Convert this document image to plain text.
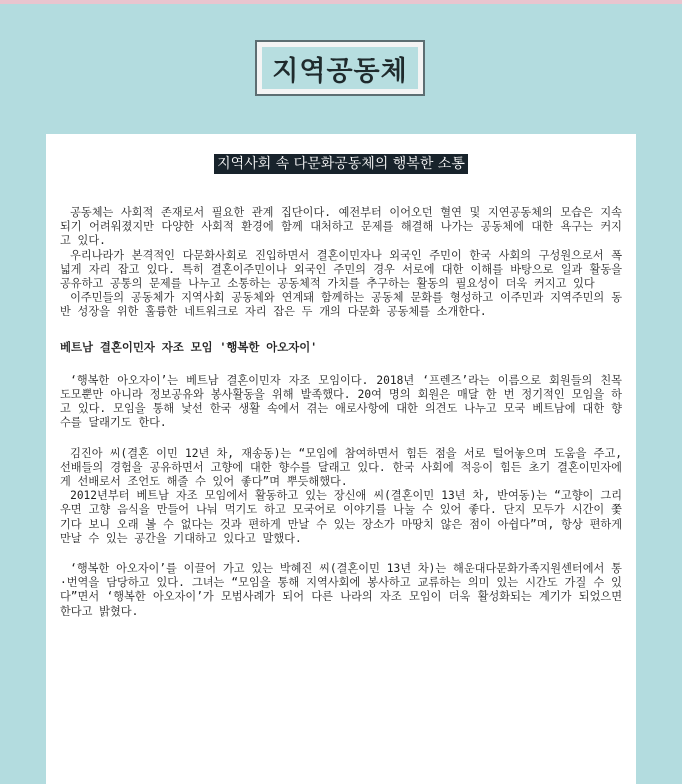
지역공동체
지역사회 속 다문화공동체의 행복한 소통

공동체는 사회적 존재로서 필요한 관계 집단이다. 예전부터 이어오던 혈연 및 지연공동체의 모습은 지속되기 어려워졌지만 다양한 사회적 환경에 함께 대처하고 문제를 해결해 나가는 공동체에 대한 욕구는 커지고 있다.

우리나라가 본격적인 다문화사회로 진입하면서 결혼이민자나 외국인 주민이 한국 사회의 구성원으로서 폭넓게 자리 잡고 있다. 특히 결혼이주민이나 외국인 주민의 경우 서로에 대한 이해를 바탕으로 일과 활동을 공유하고 공통의 문제를 나누고 소통하는 공동체적 가치를 추구하는 활동의 필요성이 더욱 커지고 있다

이주민들의 공동체가 지역사회 공동체와 연계돼 함께하는 공동체 문화를 형성하고 이주민과 지역주민의 동반 성장을 위한 훌륭한 네트워크로 자리 잡은 두 개의 다문화 공동체를 소개한다.

베트남 결혼이민자 자조 모임 '행복한 아오자이'

‘행복한 아오자이’는 베트남 결혼이민자 자조 모임이다. 2018년 ‘프렌즈’라는 이름으로 회원들의 친목 도모뿐만 아니라 정보공유와 봉사활동을 위해 발족했다. 20여 명의 회원은 매달 한 번 정기적인 모임을 하고 있다. 모임을 통해 낯선 한국 생활 속에서 겪는 애로사항에 대한 의견도 나누고 모국 베트남에 대한 향수를 달래기도 한다.

김진아 씨(결혼 이민 12년 차, 재송동)는 “모임에 참여하면서 힘든 점을 서로 털어놓으며 도움을 주고, 선배들의 경험을 공유하면서 고향에 대한 향수를 달래고 있다. 한국 사회에 적응이 힘든 초기 결혼이민자에게 선배로서 조언도 해줄 수 있어 좋다”며 뿌듯해했다.

2012년부터 베트남 자조 모임에서 활동하고 있는 장신애 씨(결혼이민 13년 차, 반여동)는 “고향이 그리우면 고향 음식을 만들어 나눠 먹기도 하고 모국어로 이야기를 나눌 수 있어 좋다. 단지 모두가 시간이 쫓기다 보니 오래 볼 수 없다는 것과 편하게 만날 수 있는 장소가 마땅치 않은 점이 아쉽다”며, 항상 편하게 만날 수 있는 공간을 기대하고 있다고 말했다.

‘행복한 아오자이’를 이끌어 가고 있는 박혜진 씨(결혼이민 13년 차)는 해운대다문화가족지원센터에서 통·번역을 담당하고 있다. 그녀는 “모임을 통해 지역사회에 봉사하고 교류하는 의미 있는 시간도 가질 수 있다”면서 ‘행복한 아오자이’가 모범사례가 되어 다른 나라의 자조 모임이 더욱 활성화되는 계기가 되었으면 한다고 밝혔다.
